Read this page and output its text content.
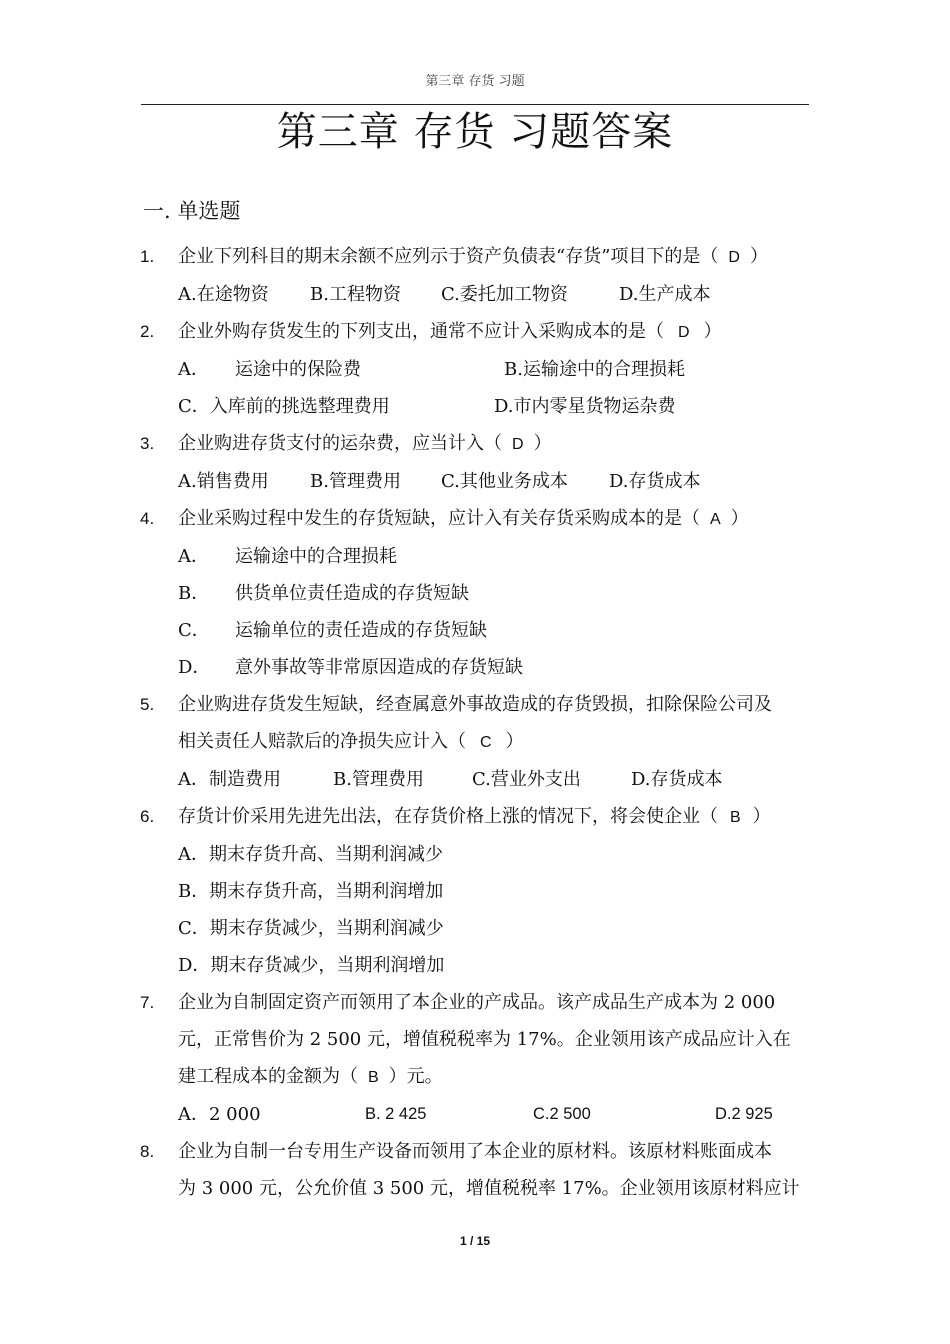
第三章 存货 习题
第三章 存货 习题答案
一. 单选题
1.	企业下列科目的期末余额不应列示于资产负债表“存货”项目下的是（ D ）
A.在途物资	B.工程物资	C.委托加工物资	D.生产成本
2.	企业外购存货发生的下列支出，通常不应计入采购成本的是（ D ）
A．	运途中的保险费	B.运输途中的合理损耗
C．入库前的挑选整理费用	D.市内零星货物运杂费
3.	企业购进存货支付的运杂费，应当计入（ D ）
A.销售费用	B.管理费用	C.其他业务成本	D.存货成本
4.	企业采购过程中发生的存货短缺，应计入有关存货采购成本的是（ A ）
A．	运输途中的合理损耗
B．	供货单位责任造成的存货短缺
C．	运输单位的责任造成的存货短缺
D．	意外事故等非常原因造成的存货短缺
5.	企业购进存货发生短缺，经查属意外事故造成的存货毁损，扣除保险公司及
相关责任人赔款后的净损失应计入（ C ）
A．制造费用	B.管理费用	C.营业外支出	D.存货成本
6.	存货计价采用先进先出法，在存货价格上涨的情况下，将会使企业（ B ）
A．期末存货升高、当期利润减少
B．期末存货升高，当期利润增加
C．期末存货减少，当期利润减少
D．期末存货减少，当期利润增加
7.	企业为自制固定资产而领用了本企业的产成品。该产成品生产成本为 2 000
元，正常售价为 2 500 元，增值税税率为 17%。企业领用该产成品应计入在
建工程成本的金额为（ B ）元。
A．2 000	B. 2 425	C.2 500	D.2 925
8.	企业为自制一台专用生产设备而领用了本企业的原材料。该原材料账面成本
为 3 000 元，公允价值 3 500 元，增值税税率 17%。企业领用该原材料应计
1 / 15
